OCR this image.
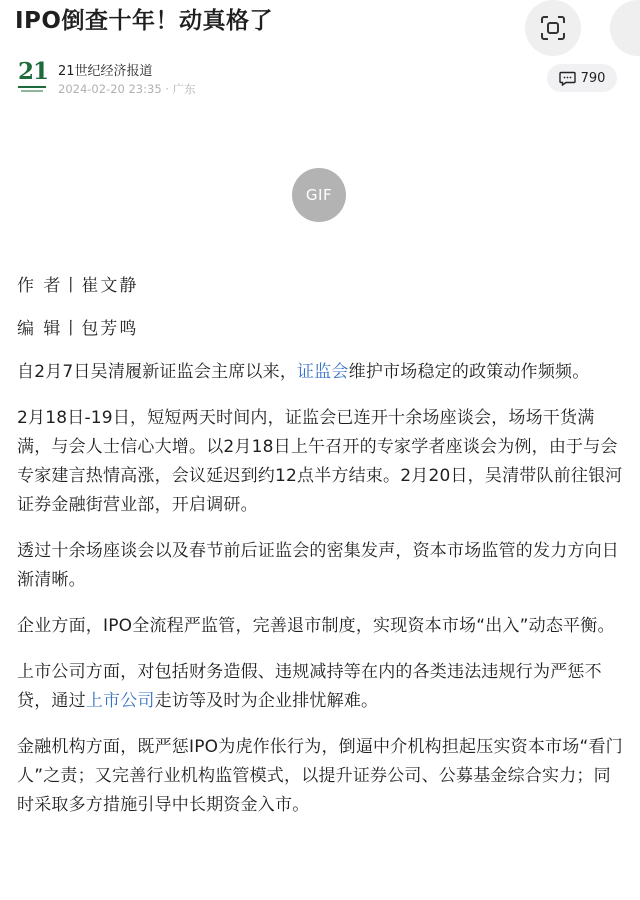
IPO倒查十年！动真格了
21 21世纪经济报道
2024-02-20 23:35 · 广东
790
GIF

作 者丨崔文静

编 辑丨包芳鸣

自2月7日吴清履新证监会主席以来，证监会维护市场稳定的政策动作频频。

2月18日-19日，短短两天时间内，证监会已连开十余场座谈会，场场干货满满，与会人士信心大增。以2月18日上午召开的专家学者座谈会为例，由于与会专家建言热情高涨，会议延迟到约12点半方结束。2月20日，吴清带队前往银河证券金融街营业部，开启调研。

透过十余场座谈会以及春节前后证监会的密集发声，资本市场监管的发力方向日渐清晰。

企业方面，IPO全流程严监管，完善退市制度，实现资本市场“出入”动态平衡。

上市公司方面，对包括财务造假、违规减持等在内的各类违法违规行为严惩不贷，通过上市公司走访等及时为企业排忧解难。

金融机构方面，既严惩IPO为虎作伥行为，倒逼中介机构担起压实资本市场“看门人”之责；又完善行业机构监管模式，以提升证券公司、公募基金综合实力；同时采取多方措施引导中长期资金入市。
